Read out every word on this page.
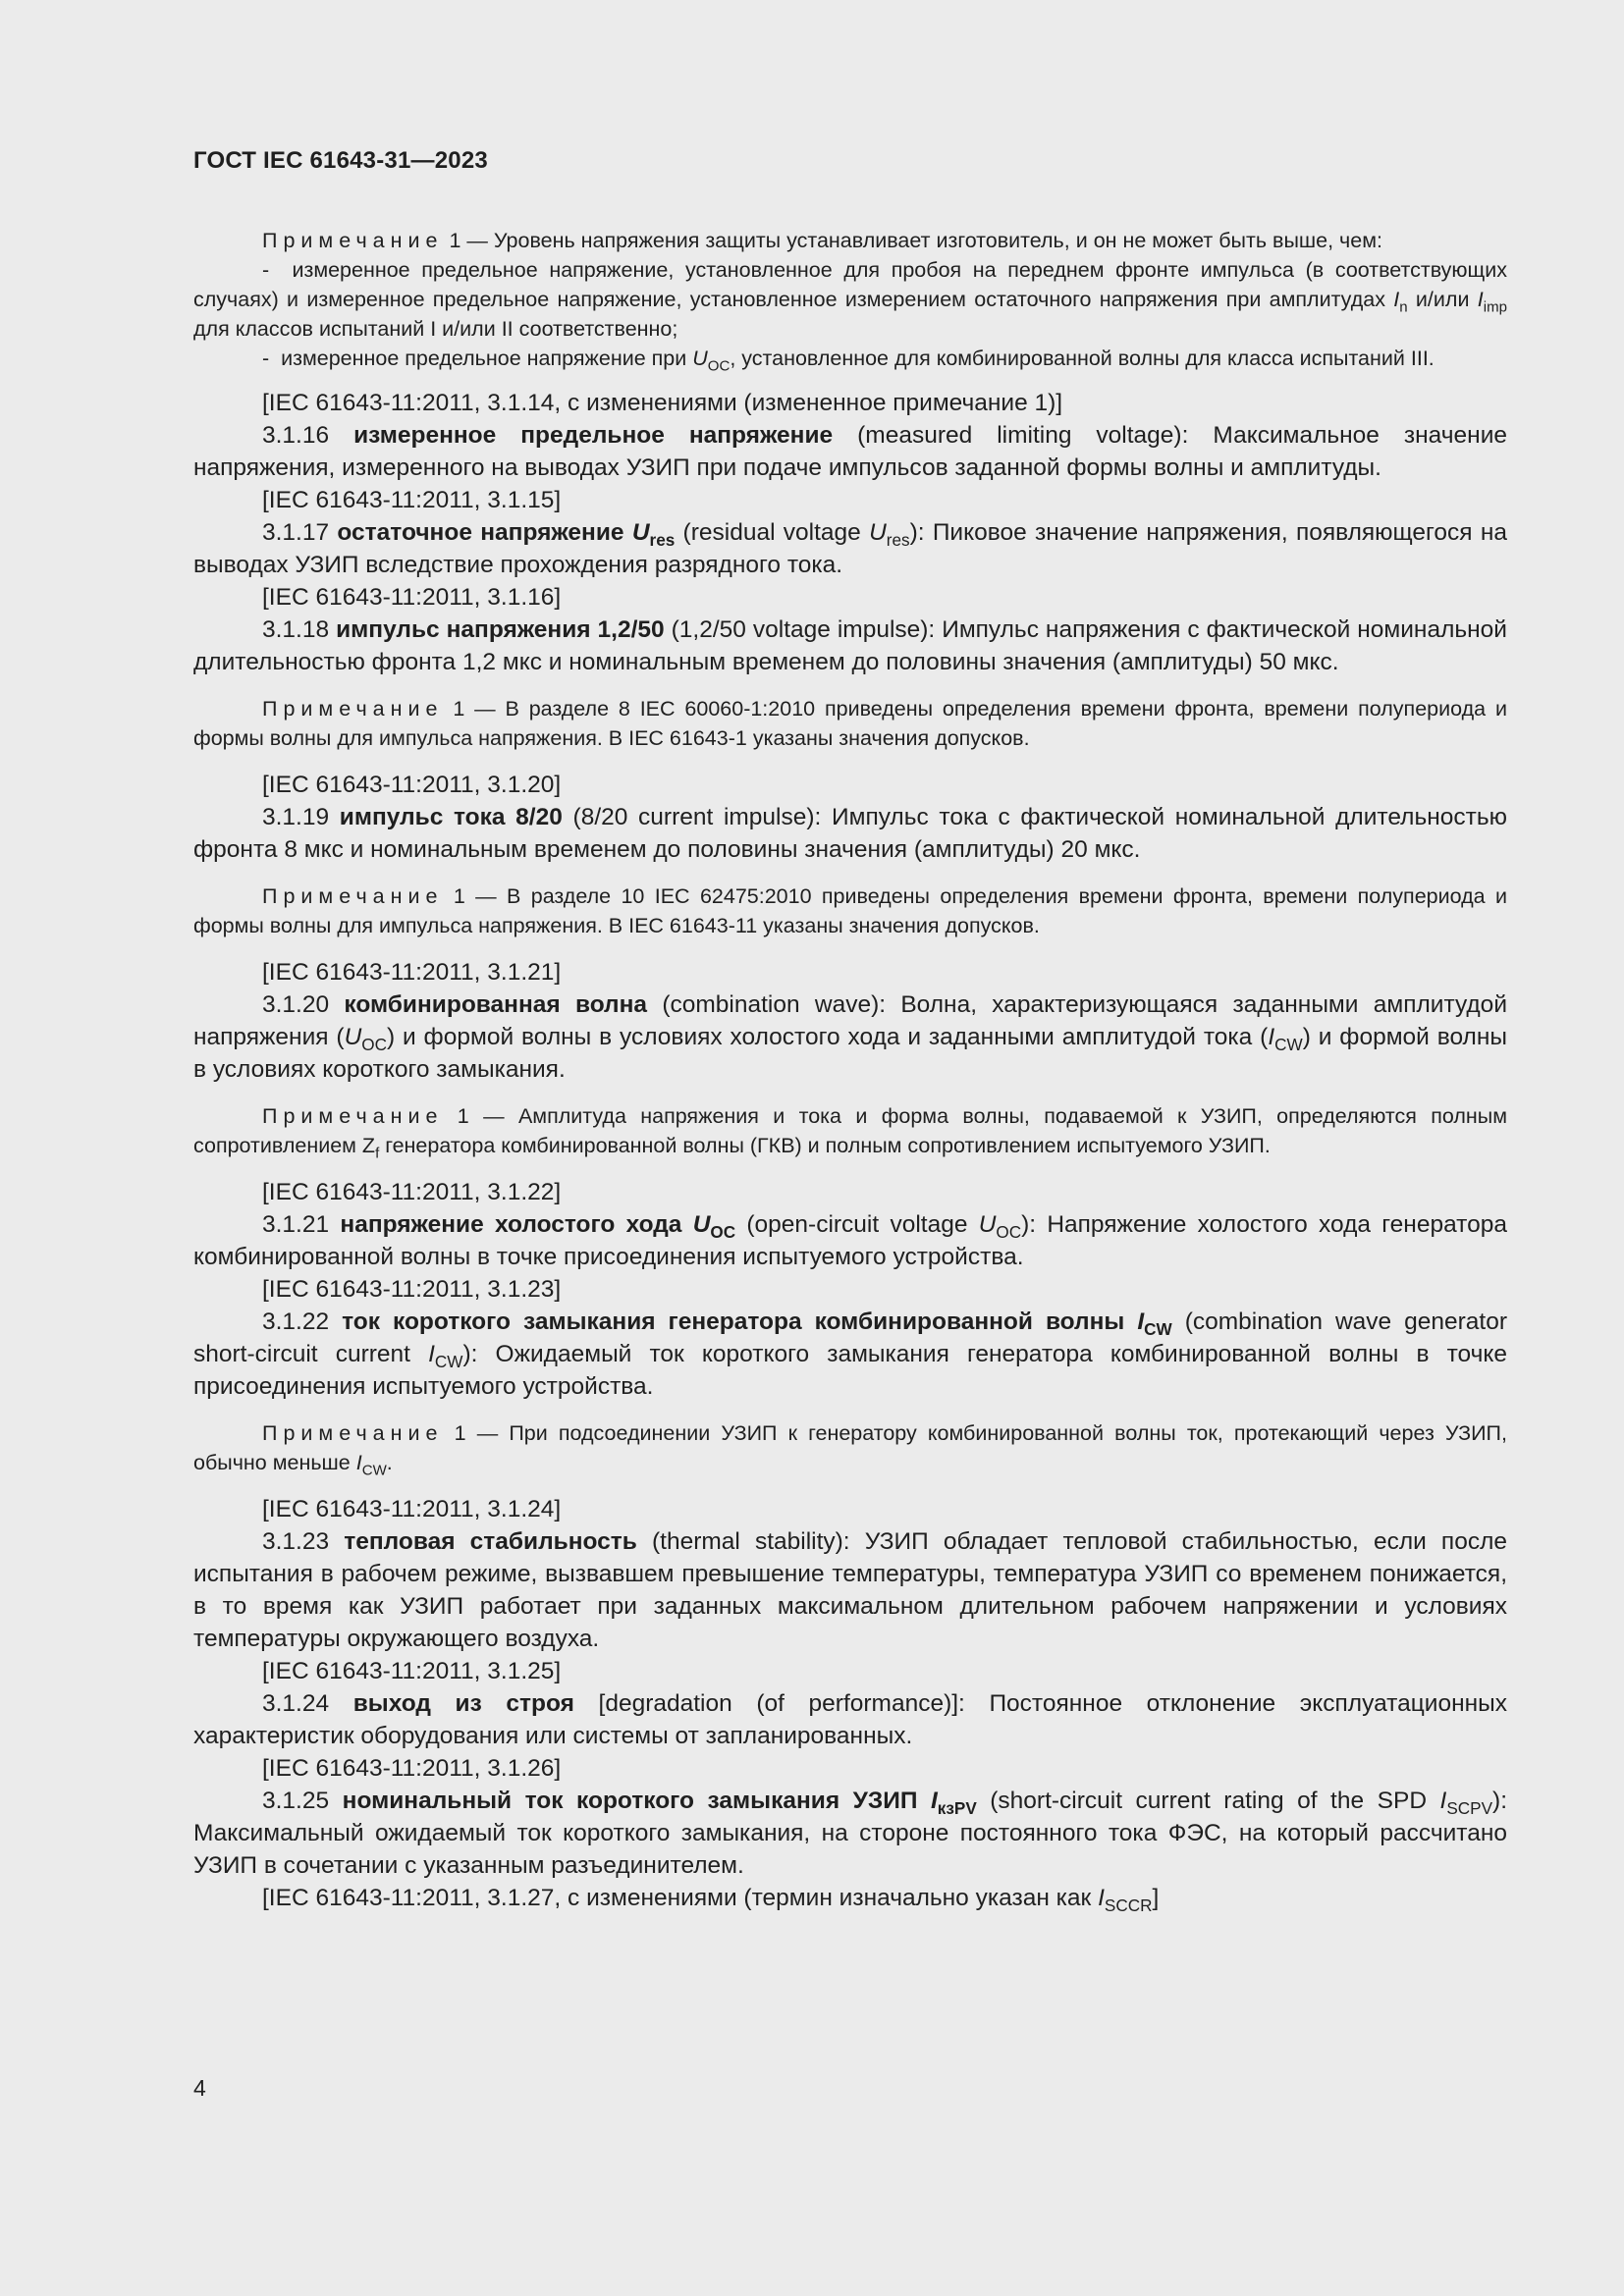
ГОСТ IEC 61643-31—2023

Примечание 1 — Уровень напряжения защиты устанавливает изготовитель, и он не может быть выше, чем:

-  измеренное предельное напряжение, установленное для пробоя на переднем фронте импульса (в соответствующих случаях) и измеренное предельное напряжение, установленное измерением остаточного напряжения при амплитудах $I_n$ и/или $I_{imp}$ для классов испытаний I и/или II соответственно;

-  измеренное предельное напряжение при $U_{OC}$, установленное для комбинированной волны для класса испытаний III.

[IEC 61643-11:2011, 3.1.14, с изменениями (измененное примечание 1)]

3.1.16 измеренное предельное напряжение (measured limiting voltage): Максимальное значение напряжения, измеренного на выводах УЗИП при подаче импульсов заданной формы волны и амплитуды.

[IEC 61643-11:2011, 3.1.15]

3.1.17 остаточное напряжение $U_{res}$ (residual voltage $U_{res}$): Пиковое значение напряжения, появляющегося на выводах УЗИП вследствие прохождения разрядного тока.

[IEC 61643-11:2011, 3.1.16]

3.1.18 импульс напряжения 1,2/50 (1,2/50 voltage impulse): Импульс напряжения с фактической номинальной длительностью фронта 1,2 мкс и номинальным временем до половины значения (амплитуды) 50 мкс.

Примечание 1 — В разделе 8 IEC 60060-1:2010 приведены определения времени фронта, времени полупериода и формы волны для импульса напряжения. В IEC 61643-1 указаны значения допусков.

[IEC 61643-11:2011, 3.1.20]

3.1.19 импульс тока 8/20 (8/20 current impulse): Импульс тока с фактической номинальной длительностью фронта 8 мкс и номинальным временем до половины значения (амплитуды) 20 мкс.

Примечание 1 — В разделе 10 IEC 62475:2010 приведены определения времени фронта, времени полупериода и формы волны для импульса напряжения. В IEC 61643-11 указаны значения допусков.

[IEC 61643-11:2011, 3.1.21]

3.1.20 комбинированная волна (combination wave): Волна, характеризующаяся заданными амплитудой напряжения $(U_{OC})$ и формой волны в условиях холостого хода и заданными амплитудой тока $(I_{CW})$ и формой волны в условиях короткого замыкания.

Примечание 1 — Амплитуда напряжения и тока и форма волны, подаваемой к УЗИП, определяются полным сопротивлением $Z_f$ генератора комбинированной волны (ГКВ) и полным сопротивлением испытуемого УЗИП.

[IEC 61643-11:2011, 3.1.22]

3.1.21 напряжение холостого хода $U_{OC}$ (open-circuit voltage $U_{OC}$): Напряжение холостого хода генератора комбинированной волны в точке присоединения испытуемого устройства.

[IEC 61643-11:2011, 3.1.23]

3.1.22 ток короткого замыкания генератора комбинированной волны $I_{CW}$ (combination wave generator short-circuit current $I_{CW}$): Ожидаемый ток короткого замыкания генератора комбинированной волны в точке присоединения испытуемого устройства.

Примечание 1 — При подсоединении УЗИП к генератору комбинированной волны ток, протекающий через УЗИП, обычно меньше $I_{CW}$.

[IEC 61643-11:2011, 3.1.24]

3.1.23 тепловая стабильность (thermal stability): УЗИП обладает тепловой стабильностью, если после испытания в рабочем режиме, вызвавшем превышение температуры, температура УЗИП со временем понижается, в то время как УЗИП работает при заданных максимальном длительном рабочем напряжении и условиях температуры окружающего воздуха.

[IEC 61643-11:2011, 3.1.25]

3.1.24 выход из строя [degradation (of performance)]: Постоянное отклонение эксплуатационных характеристик оборудования или системы от запланированных.

[IEC 61643-11:2011, 3.1.26]

3.1.25 номинальный ток короткого замыкания УЗИП $I_{кзPV}$ (short-circuit current rating of the SPD $I_{SCPV}$): Максимальный ожидаемый ток короткого замыкания, на стороне постоянного тока ФЭС, на который рассчитано УЗИП в сочетании с указанным разъединителем.

[IEC 61643-11:2011, 3.1.27, с изменениями (термин изначально указан как $I_{SCCR}$]

4
